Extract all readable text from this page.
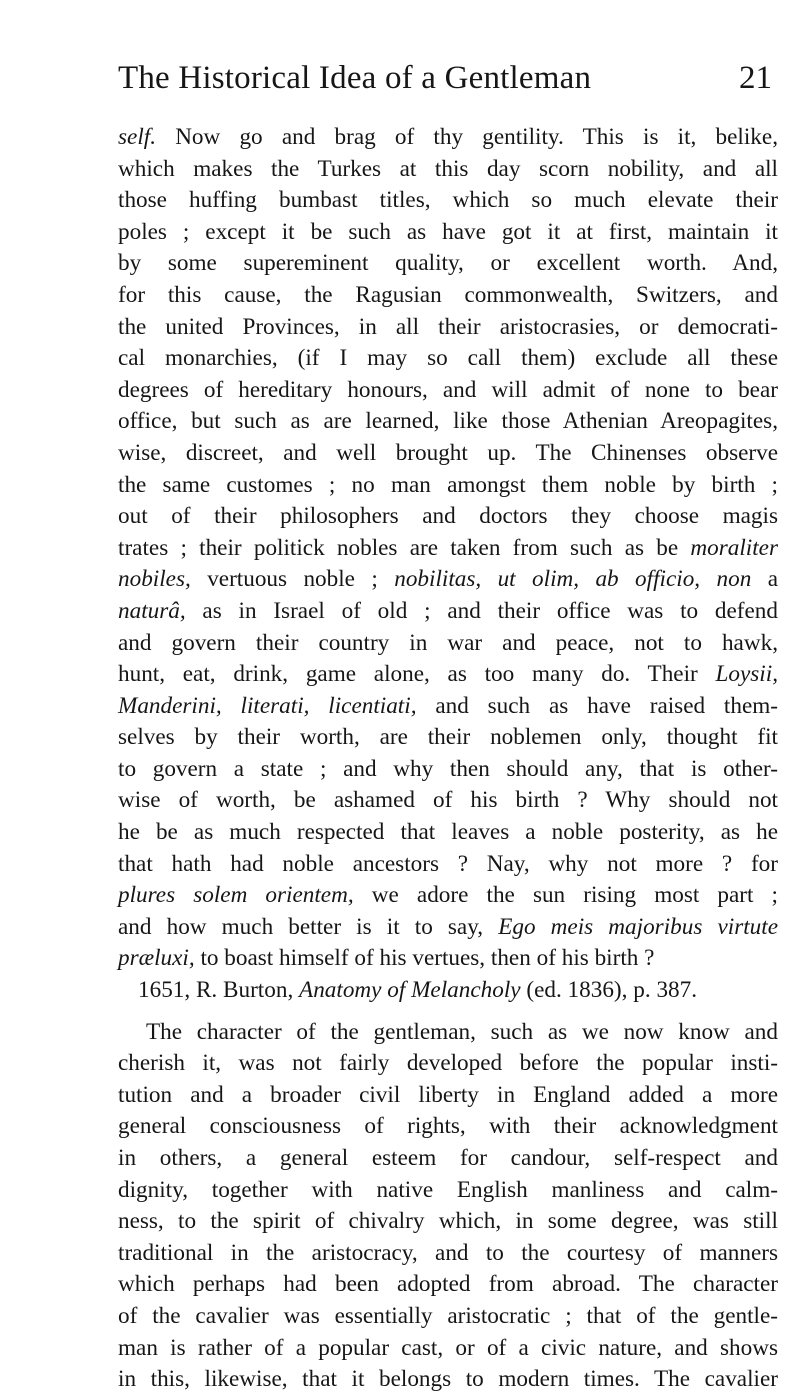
The Historical Idea of a Gentleman	21
self. Now go and brag of thy gentility. This is it, belike,
which makes the Turkes at this day scorn nobility, and all
those huffing bumbast titles, which so much elevate their
poles ; except it be such as have got it at first, maintain it
by some supereminent quality, or excellent worth. And,
for this cause, the Ragusian commonwealth, Switzers, and
the united Provinces, in all their aristocrasies, or democrati-
cal monarchies, (if I may so call them) exclude all these
degrees of hereditary honours, and will admit of none to bear
office, but such as are learned, like those Athenian Areopagites,
wise, discreet, and well brought up. The Chinenses observe
the same customes ; no man amongst them noble by birth ;
out of their philosophers and doctors they choose magis
trates ; their politick nobles are taken from such as be moraliter
nobiles, vertuous noble ; nobilitas, ut olim, ab officio, non a
naturâ, as in Israel of old ; and their office was to defend
and govern their country in war and peace, not to hawk,
hunt, eat, drink, game alone, as too many do. Their Loysii,
Manderini, literati, licentiati, and such as have raised them-
selves by their worth, are their noblemen only, thought fit
to govern a state ; and why then should any, that is other-
wise of worth, be ashamed of his birth ? Why should not
he be as much respected that leaves a noble posterity, as he
that hath had noble ancestors ? Nay, why not more ? for
plures solem orientem, we adore the sun rising most part ;
and how much better is it to say, Ego meis majoribus virtute
præluxi, to boast himself of his vertues, then of his birth ?
1651, R. Burton, Anatomy of Melancholy (ed. 1836), p. 387.
The character of the gentleman, such as we now know and
cherish it, was not fairly developed before the popular insti-
tution and a broader civil liberty in England added a more
general consciousness of rights, with their acknowledgment
in others, a general esteem for candour, self-respect and
dignity, together with native English manliness and calm-
ness, to the spirit of chivalry which, in some degree, was still
traditional in the aristocracy, and to the courtesy of manners
which perhaps had been adopted from abroad. The character
of the cavalier was essentially aristocratic ; that of the gentle-
man is rather of a popular cast, or of a civic nature, and shows
in this, likewise, that it belongs to modern times. The cavalier
